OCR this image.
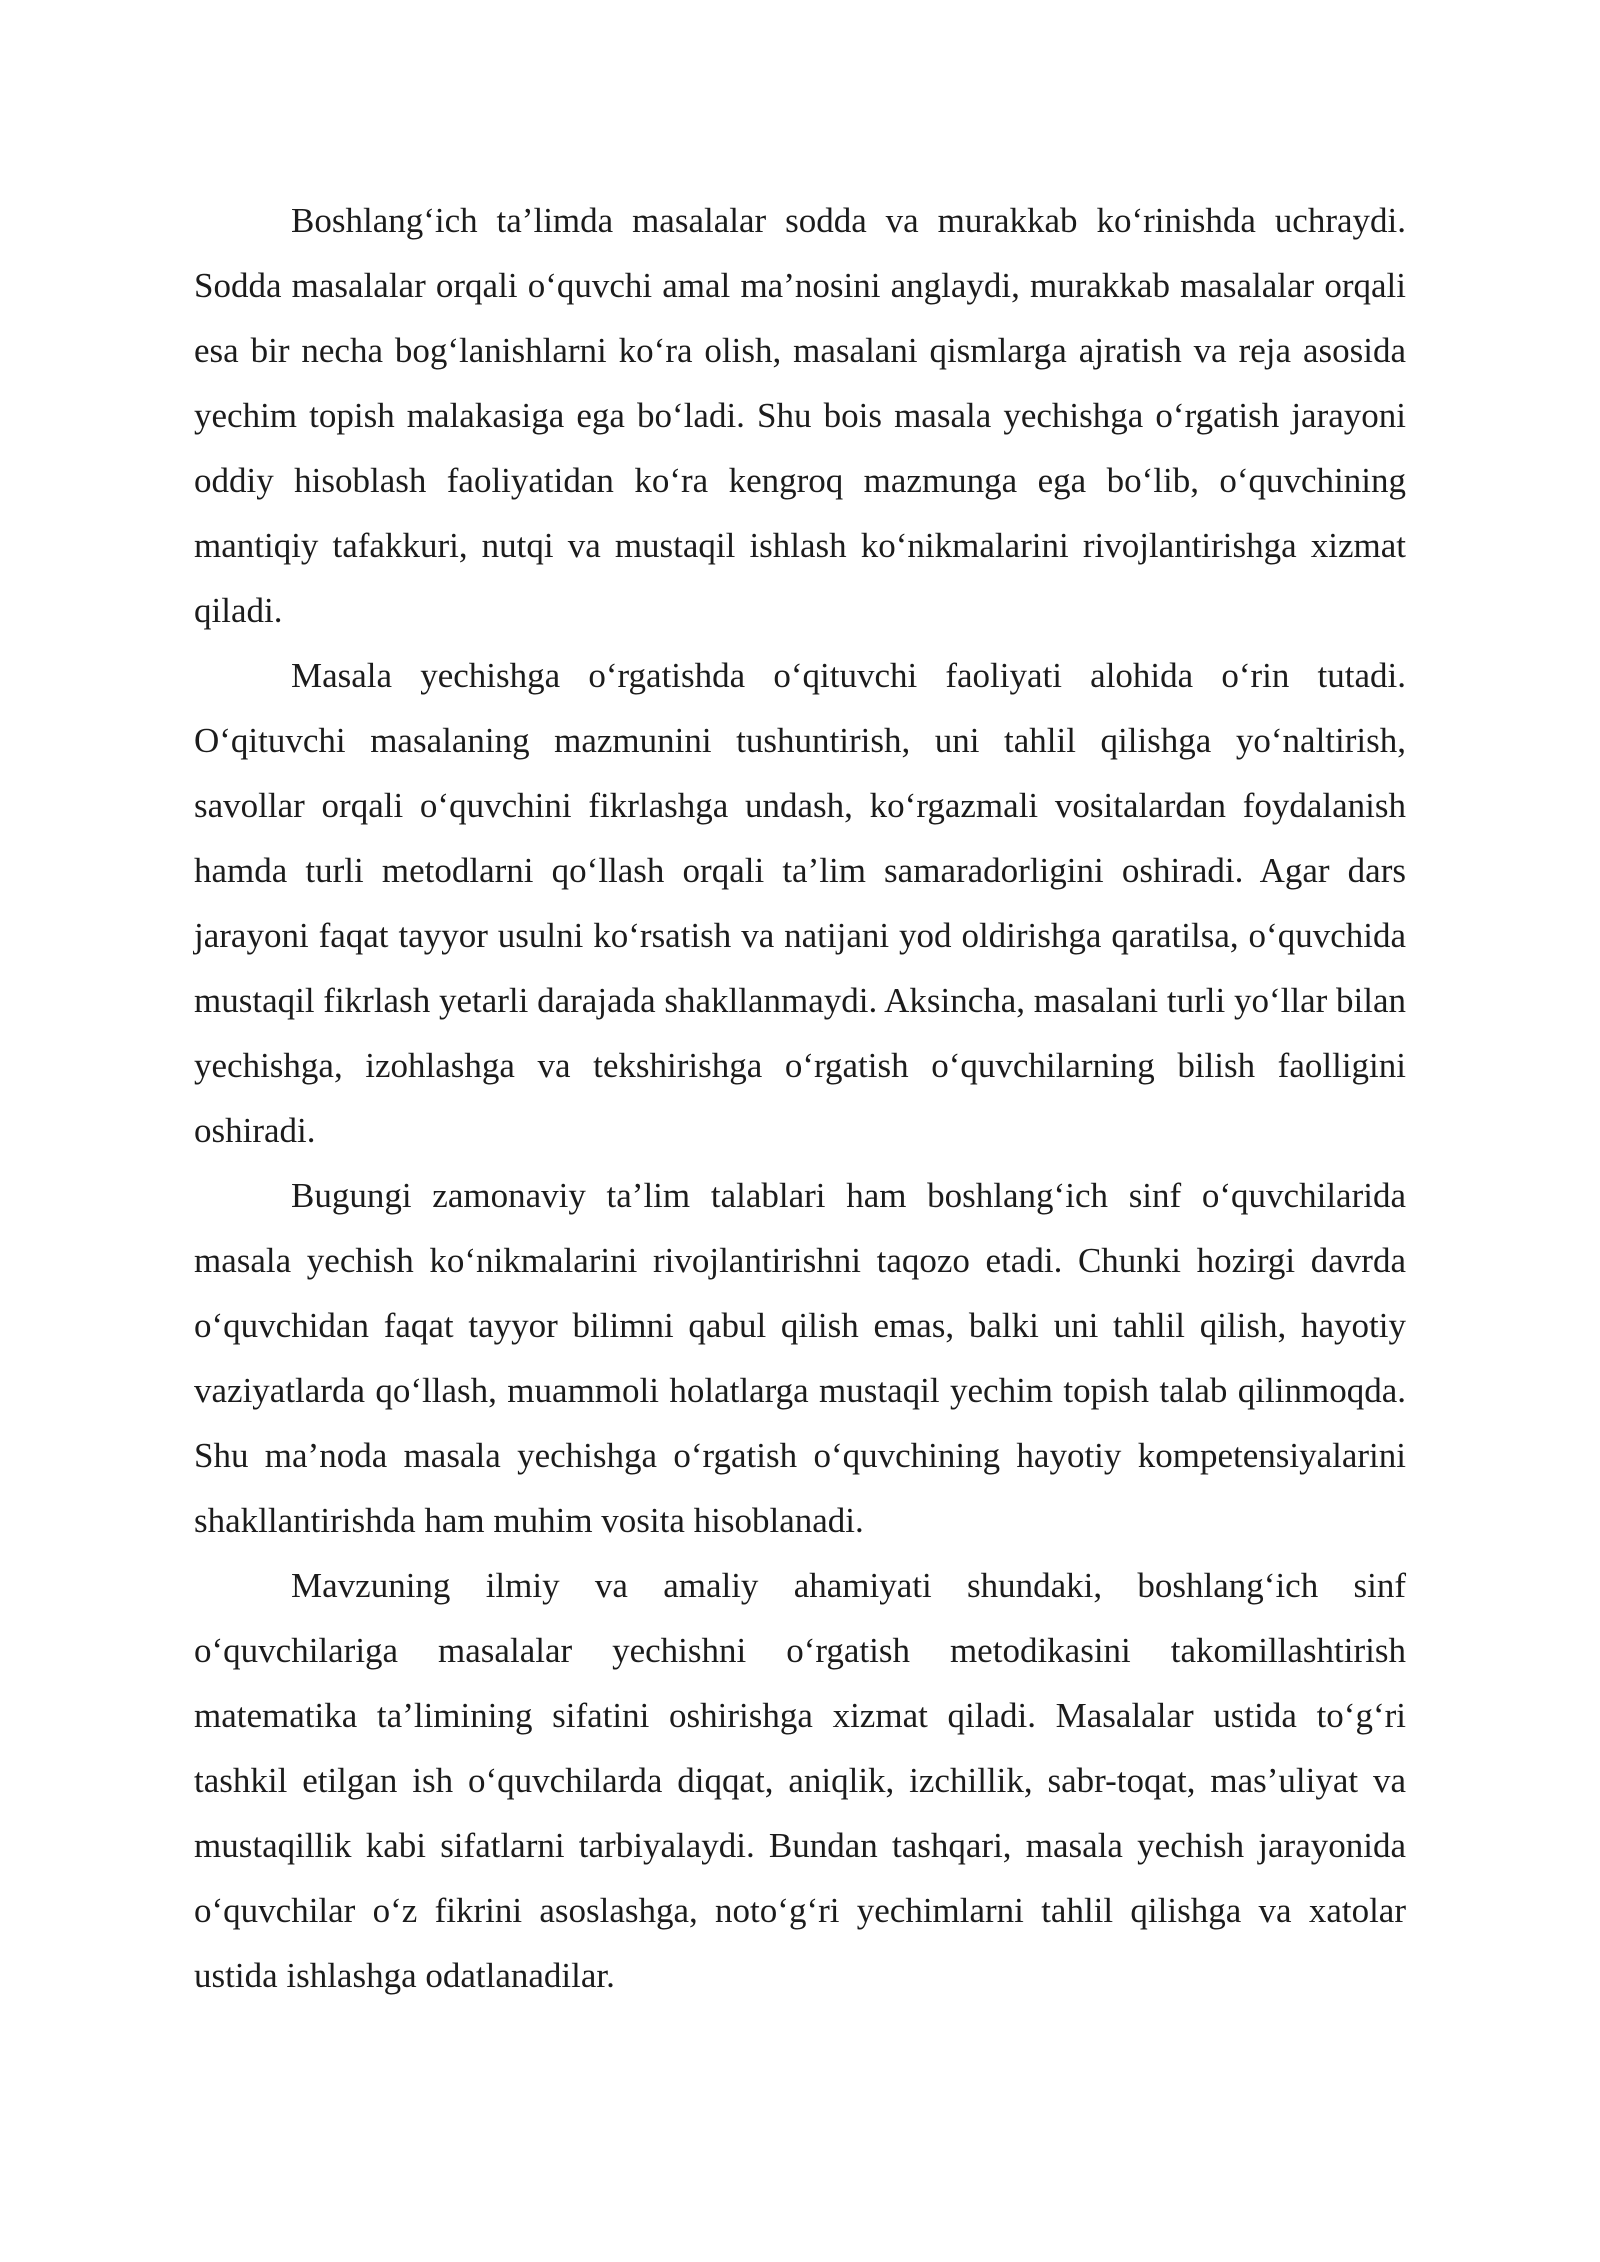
Boshlang‘ich ta’limda masalalar sodda va murakkab ko‘rinishda uchraydi. Sodda masalalar orqali o‘quvchi amal ma’nosini anglaydi, murakkab masalalar orqali esa bir necha bog‘lanishlarni ko‘ra olish, masalani qismlarga ajratish va reja asosida yechim topish malakasiga ega bo‘ladi. Shu bois masala yechishga o‘rgatish jarayoni oddiy hisoblash faoliyatidan ko‘ra kengroq mazmunga ega bo‘lib, o‘quvchining mantiqiy tafakkuri, nutqi va mustaqil ishlash ko‘nikmalarini rivojlantirishga xizmat qiladi.

Masala yechishga o‘rgatishda o‘qituvchi faoliyati alohida o‘rin tutadi. O‘qituvchi masalaning mazmunini tushuntirish, uni tahlil qilishga yo‘naltirish, savollar orqali o‘quvchini fikrlashga undash, ko‘rgazmali vositalardan foydalanish hamda turli metodlarni qo‘llash orqali ta’lim samaradorligini oshiradi. Agar dars jarayoni faqat tayyor usulni ko‘rsatish va natijani yod oldirishga qaratilsa, o‘quvchida mustaqil fikrlash yetarli darajada shakllanmaydi. Aksincha, masalani turli yo‘llar bilan yechishga, izohlashga va tekshirishga o‘rgatish o‘quvchilarning bilish faolligini oshiradi.

Bugungi zamonaviy ta’lim talablari ham boshlang‘ich sinf o‘quvchilarida masala yechish ko‘nikmalarini rivojlantirishni taqozo etadi. Chunki hozirgi davrda o‘quvchidan faqat tayyor bilimni qabul qilish emas, balki uni tahlil qilish, hayotiy vaziyatlarda qo‘llash, muammoli holatlarga mustaqil yechim topish talab qilinmoqda. Shu ma’noda masala yechishga o‘rgatish o‘quvchining hayotiy kompetensiyalarini shakllantirishda ham muhim vosita hisoblanadi.

Mavzuning ilmiy va amaliy ahamiyati shundaki, boshlang‘ich sinf o‘quvchilariga masalalar yechishni o‘rgatish metodikasini takomillashtirish matematika ta’limining sifatini oshirishga xizmat qiladi. Masalalar ustida to‘g‘ri tashkil etilgan ish o‘quvchilarda diqqat, aniqlik, izchillik, sabr-toqat, mas’uliyat va mustaqillik kabi sifatlarni tarbiyalaydi. Bundan tashqari, masala yechish jarayonida o‘quvchilar o‘z fikrini asoslashga, noto‘g‘ri yechimlarni tahlil qilishga va xatolar ustida ishlashga odatlanadilar.
